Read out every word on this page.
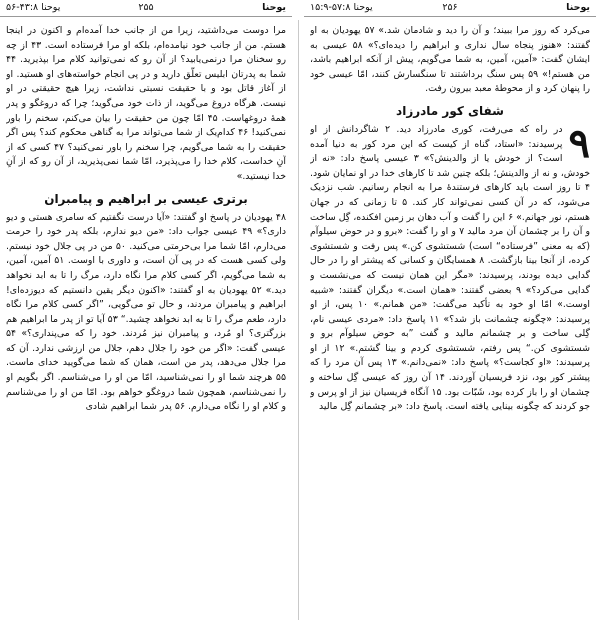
۵۶-۴۳:۸ یوحنا	۲۵۵	یوحنا

مرا دوست می‌داشتید، زیرا من از جانب خدا آمده‌ام و اکنون در اینجا هستم. من از جانب خود نیامده‌ام، بلکه او مرا فرستاده است. ۴۳ از چه رو سخنان مرا درنمی‌یابید؟ از آن رو که نمی‌توانید کلام مرا بپذیرید. ۴۴ شما به پدرتان ابلیس تعلّق دارید و در پی انجام خواسته‌های او هستید. او از آغاز قاتل بود و با حقیقت نسبتی نداشت، زیرا هیچ حقیقتی در او نیست. هرگاه دروغ می‌گوید، از ذات خود می‌گوید؛ چرا که دروغگو و پدر همهٔ دروغهاست. ۴۵ امّا چون من حقیقت را بیان می‌کنم، سخنم را باور نمی‌کنید! ۴۶ کدام‌یک از شما می‌تواند مرا به گناهی محکوم کند؟ پس اگر حقیقت را به شما می‌گویم، چرا سخنم را باور نمی‌کنید؟ ۴۷ کسی که از آنِ خداست، کلام خدا را می‌پذیرد، امّا شما نمی‌پذیرید، از آن رو که از آنِ خدا نیستید.»

برتری عیسی بر ابراهیم و پیامبران

۴۸ یهودیان در پاسخ او گفتند: «آیا درست نگفتیم که سامری هستی و دیو داری؟» ۴۹ عیسی جواب داد: «من دیو ندارم، بلکه پدر خود را حرمت می‌دارم، امّا شما مرا بی‌حرمتی می‌کنید. ۵۰ من در پی جلال خود نیستم. ولی کسی هست که در پی آن است، و داوری با اوست. ۵۱ آمین، آمین، به شما می‌گویم، اگر کسی کلام مرا نگاه دارد، مرگ را تا به ابد نخواهد دید.» ۵۲ یهودیان به او گفتند: «اکنون دیگر یقین دانستیم که دیوزده‌ای! ابراهیم و پیامبران مردند، و حال تو می‌گویی، ”اگر کسی کلام مرا نگاه دارد، طعم مرگ را تا به ابد نخواهد چشید.“ ۵۳ آیا تو از پدر ما ابراهیم هم بزرگتری؟ او مُرد، و پیامبران نیز مُردند. خود را که می‌پنداری؟» ۵۴ عیسی گفت: «اگر من خود را جلال دهم، جلال من ارزشی ندارد. آن که مرا جلال می‌دهد، پدر من است، همان که شما می‌گویید خدای ماست. ۵۵ هرچند شما او را نمی‌شناسید، امّا من او را می‌شناسم. اگر بگویم او را نمی‌شناسم، همچون شما دروغگو خواهم بود. امّا من او را می‌شناسم و کلام او را نگاه می‌دارم. ۵۶ پدر شما ابراهیم شادی

۱۵:۹-۵۷:۸ یوحنا	۲۵۶	یوحنا

می‌کرد که روز مرا ببیند؛ و آن را دید و شادمان شد.» ۵۷ یهودیان به او گفتند: «هنوز پنجاه سال نداری و ابراهیم را دیده‌ای؟» ۵۸ عیسی به ایشان گفت: «آمین، آمین، به شما می‌گویم، پیش از آنکه ابراهیم باشد، من هستم!» ۵۹ پس سنگ برداشتند تا سنگسارش کنند، امّا عیسی خود را پنهان کرد و از محوطهٔ معبد بیرون رفت.

شفای کور مادرزاد
۹

در راه که می‌رفت، کوری مادرزاد دید. ۲ شاگردانش از او پرسیدند: «استاد، گناه از کیست که این مرد کور به دنیا آمده است؟ از خودش یا از والدینش؟» ۳ عیسی پاسخ داد: «نه از خودش، و نه از والدینش؛ بلکه چنین شد تا کارهای خدا در او نمایان شود. ۴ تا روز است باید کارهای فرستندهٔ مرا به انجام رسانیم. شب نزدیک می‌شود، که در آن کسی نمی‌تواند کار کند. ۵ تا زمانی که در جهان هستم، نور جهانم.» ۶ این را گفت و آب دهان بر زمین افکنده، گِل ساخت و آن را بر چشمان آن مرد مالید ۷ و او را گفت: «برو و در حوض سیلوآم (که به معنی ”فرستاده“ است) شستشوی کن.» پس رفت و شستشوی کرده، از آنجا بینا بازگشت. ۸ همسایگان و کسانی که پیشتر او را در حال گدایی دیده بودند، پرسیدند: «مگر این همان نیست که می‌نشست و گدایی می‌کرد؟» ۹ بعضی گفتند: «همان است.» دیگران گفتند: «شبیه اوست.» امّا او خود به تأکید می‌گفت: «من همانم.» ۱۰ پس، از او پرسیدند: «چگونه چشمانت باز شد؟» ۱۱ پاسخ داد: «مردی عیسی نام، گِلی ساخت و بر چشمانم مالید و گفت ”به حوض سیلوآم برو و شستشوی کن.“ پس رفتم، شستشوی کردم و بینا گشتم.» ۱۲ از او پرسیدند: «او کجاست؟» پاسخ داد: «نمی‌دانم.» ۱۳ پس آن مرد را که پیشتر کور بود، نزد فریسیان آوردند. ۱۴ آن روز که عیسی گِل ساخته و چشمان او را باز کرده بود، شَبّات بود. ۱۵ آنگاه فریسیان نیز از او پرس و جو کردند که چگونه بینایی یافته است. پاسخ داد: «بر چشمانم گِل مالید
